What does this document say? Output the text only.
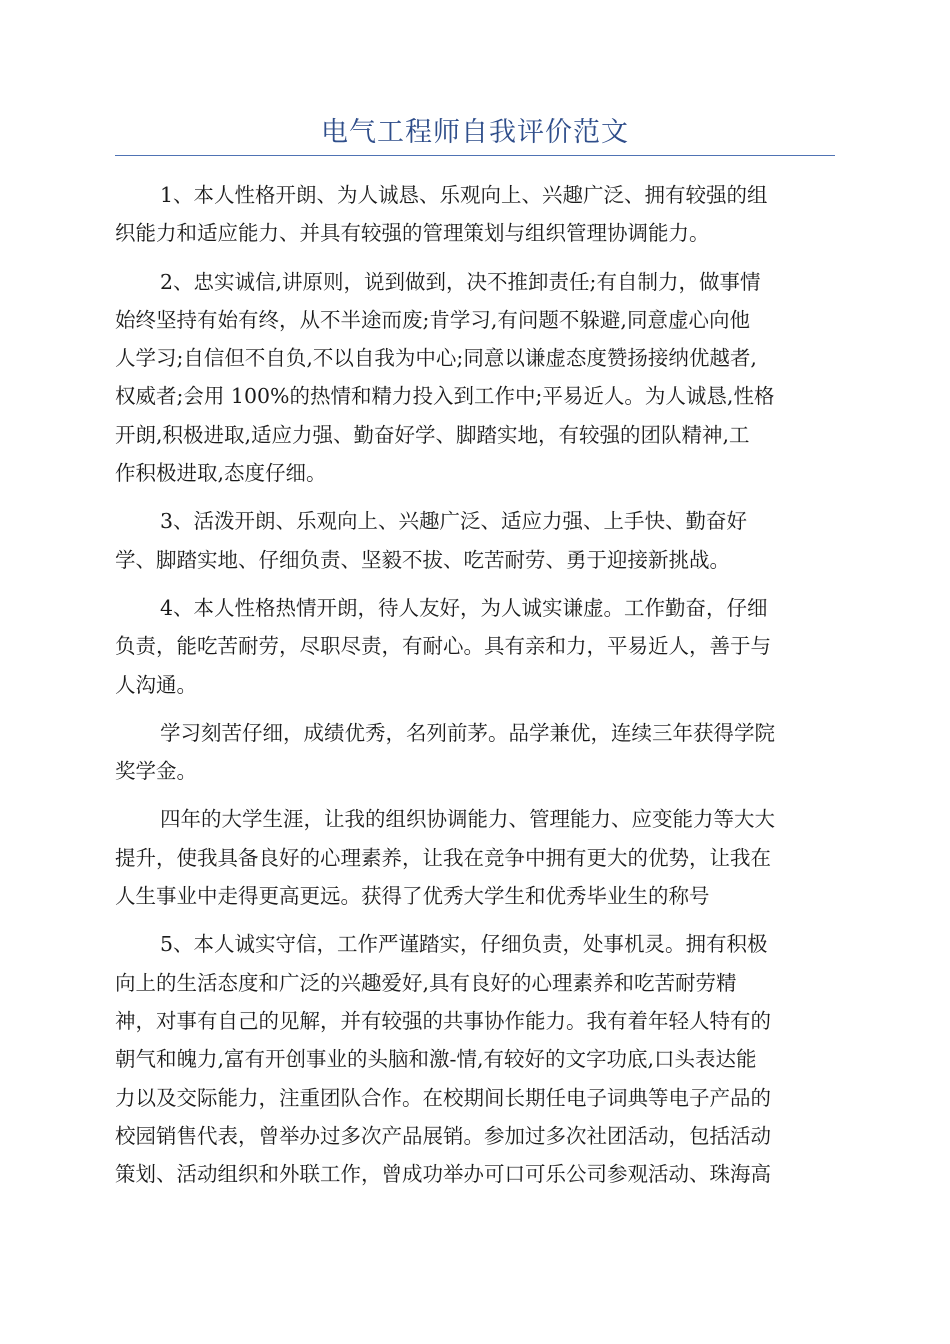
电气工程师自我评价范文

1、本人性格开朗、为人诚恳、乐观向上、兴趣广泛、拥有较强的组
织能力和适应能力、并具有较强的管理策划与组织管理协调能力。

2、忠实诚信,讲原则，说到做到，决不推卸责任;有自制力，做事情
始终坚持有始有终，从不半途而废;肯学习,有问题不躲避,同意虚心向他
人学习;自信但不自负,不以自我为中心;同意以谦虚态度赞扬接纳优越者,
权威者;会用 100%的热情和精力投入到工作中;平易近人。为人诚恳,性格
开朗,积极进取,适应力强、勤奋好学、脚踏实地，有较强的团队精神,工
作积极进取,态度仔细。

3、活泼开朗、乐观向上、兴趣广泛、适应力强、上手快、勤奋好
学、脚踏实地、仔细负责、坚毅不拔、吃苦耐劳、勇于迎接新挑战。

4、本人性格热情开朗，待人友好，为人诚实谦虚。工作勤奋，仔细
负责，能吃苦耐劳，尽职尽责，有耐心。具有亲和力，平易近人，善于与
人沟通。

学习刻苦仔细，成绩优秀，名列前茅。品学兼优，连续三年获得学院
奖学金。

四年的大学生涯，让我的组织协调能力、管理能力、应变能力等大大
提升，使我具备良好的心理素养，让我在竞争中拥有更大的优势，让我在
人生事业中走得更高更远。获得了优秀大学生和优秀毕业生的称号

5、本人诚实守信，工作严谨踏实，仔细负责，处事机灵。拥有积极
向上的生活态度和广泛的兴趣爱好,具有良好的心理素养和吃苦耐劳精
神，对事有自己的见解，并有较强的共事协作能力。我有着年轻人特有的
朝气和魄力,富有开创事业的头脑和激-情,有较好的文字功底,口头表达能
力以及交际能力，注重团队合作。在校期间长期任电子词典等电子产品的
校园销售代表，曾举办过多次产品展销。参加过多次社团活动，包括活动
策划、活动组织和外联工作，曾成功举办可口可乐公司参观活动、珠海高
